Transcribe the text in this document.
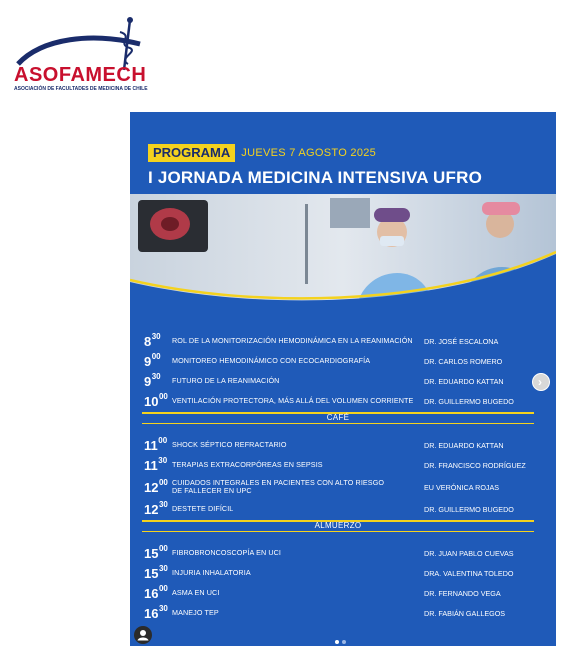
ASOFAMECH
ASOCIACIÓN DE FACULTADES DE MEDICINA DE CHILE
PROGRAMA	JUEVES 7 AGOSTO 2025
I JORNADA MEDICINA INTENSIVA UFRO
$8^{30}$	ROL DE LA MONITORIZACIÓN HEMODINÁMICA EN LA REANIMACIÓN	DR. JOSÉ ESCALONA
$9^{00}$	MONITOREO HEMODINÁMICO CON ECOCARDIOGRAFÍA	DR. CARLOS ROMERO
$9^{30}$	FUTURO DE LA REANIMACIÓN	DR. EDUARDO KATTAN
$10^{00}$ VENTILACIÓN PROTECTORA, MÁS ALLÁ DEL VOLUMEN CORRIENTE	DR. GUILLERMO BUGEDO
CAFÉ
$11^{00}$ SHOCK SÉPTICO REFRACTARIO	DR. EDUARDO KATTAN
$11^{30}$ TERAPIAS EXTRACORPÓREAS EN SEPSIS	DR. FRANCISCO RODRÍGUEZ
$12^{00}$ CUIDADOS INTEGRALES EN PACIENTES CON ALTO RIESGO DE FALLECER EN UPC	EU VERÓNICA ROJAS
$12^{30}$ DESTETE DIFÍCIL	DR. GUILLERMO BUGEDO
ALMUERZO
$15^{00}$ FIBROBRONCOSCOPÍA EN UCI	DR. JUAN PABLO CUEVAS
$15^{30}$ INJURIA INHALATORIA	DRA. VALENTINA TOLEDO
$16^{00}$ ASMA EN UCI	DR. FERNANDO VEGA
$16^{30}$ MANEJO TEP	DR. FABIÁN GALLEGOS
›
